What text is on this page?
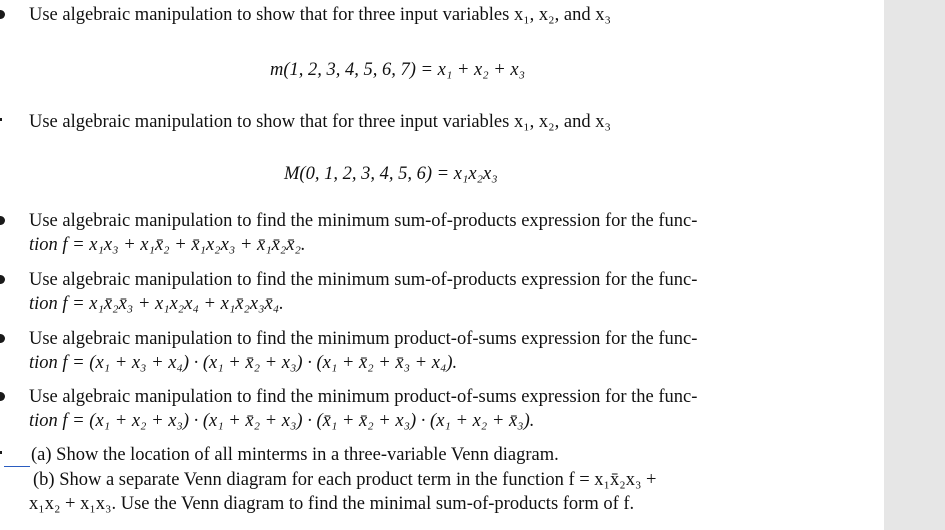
Use algebraic manipulation to show that for three input variables x₁, x₂, and x₃
m(1, 2, 3, 4, 5, 6, 7) = x₁ + x₂ + x₃
Use algebraic manipulation to show that for three input variables x₁, x₂, and x₃
M(0, 1, 2, 3, 4, 5, 6) = x₁x₂x₃
Use algebraic manipulation to find the minimum sum-of-products expression for the func-
tion f = x₁x₃ + x₁x̄₂ + x̄₁x₂x₃ + x̄₁x̄₂x̄₂.
Use algebraic manipulation to find the minimum sum-of-products expression for the func-
tion f = x₁x̄₂x̄₃ + x₁x₂x₄ + x₁x̄₂x₃x̄₄.
Use algebraic manipulation to find the minimum product-of-sums expression for the func-
tion f = (x₁ + x₃ + x₄) · (x₁ + x̄₂ + x₃) · (x₁ + x̄₂ + x̄₃ + x₄).
Use algebraic manipulation to find the minimum product-of-sums expression for the func-
tion f = (x₁ + x₂ + x₃) · (x₁ + x̄₂ + x₃) · (x̄₁ + x̄₂ + x₃) · (x₁ + x₂ + x̄₃).
(a) Show the location of all minterms in a three-variable Venn diagram.
(b) Show a separate Venn diagram for each product term in the function f = x₁x̄₂x₃ +
x₁x₂ + x₁x₃. Use the Venn diagram to find the minimal sum-of-products form of f.
